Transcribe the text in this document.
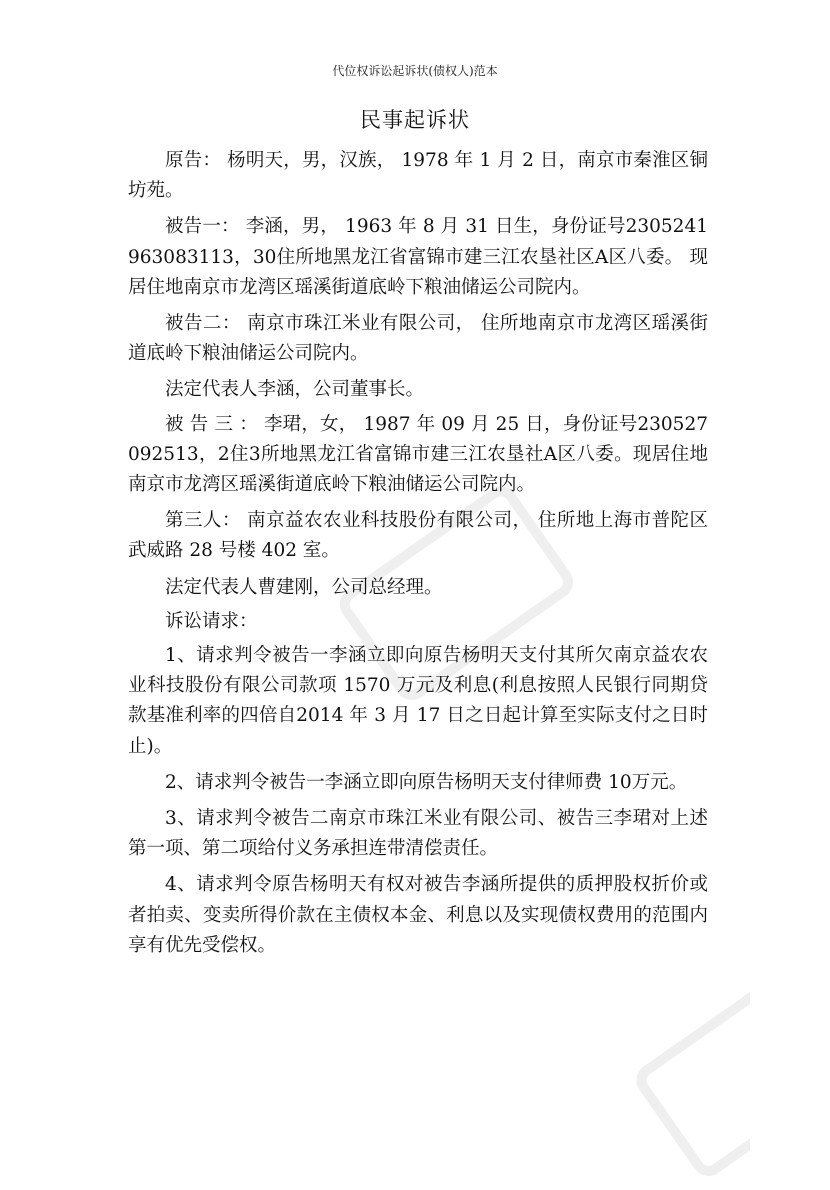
代位权诉讼起诉状(债权人)范本
民事起诉状

原告： 杨明天，男，汉族， 1978 年 1 月 2 日，南京市秦淮区铜坊苑。

被告一： 李涵，男， 1963 年 8 月 31 日生，身份证号230524196308311​3，30住所地黑龙江省富锦市建三江农垦社区A区八委。 现居住地南京市龙湾区瑶溪街道底岭下粮油储运公司院内。

被告二： 南京市珠江米业有限公司， 住所地南京市龙湾区瑶溪街道底岭下粮油储运公司院内。

法定代表人李涵，公司董事长。

被 告 三 ： 李珺，女， 1987 年 09 月 25 日，身份证号230527092513，2住3所地黑龙江省富锦市建三江农垦社A区八委。现居住地南京市龙湾区瑶溪街道底岭下粮油储运公司院内。

第三人： 南京益农农业科技股份有限公司， 住所地上海市普陀区武威路 28 号楼 402 室。

法定代表人曹建刚，公司总经理。

诉讼请求：

1、请求判令被告一李涵立即向原告杨明天支付其所欠南京益农农业科技股份有限公司款项 1570 万元及利息(利息按照人民银行同期贷款基准利率的四倍自2014 年 3 月 17 日之日起计算至实际支付之日时止)。

2、请求判令被告一李涵立即向原告杨明天支付律师费 10万元。

3、请求判令被告二南京市珠江米业有限公司、被告三李珺对上述第一项、第二项给付义务承担连带清偿责任。

4、请求判令原告杨明天有权对被告李涵所提供的质押股权折价或者拍卖、变卖所得价款在主债权本金、利息以及实现债权费用的范围内享有优先受偿权。
